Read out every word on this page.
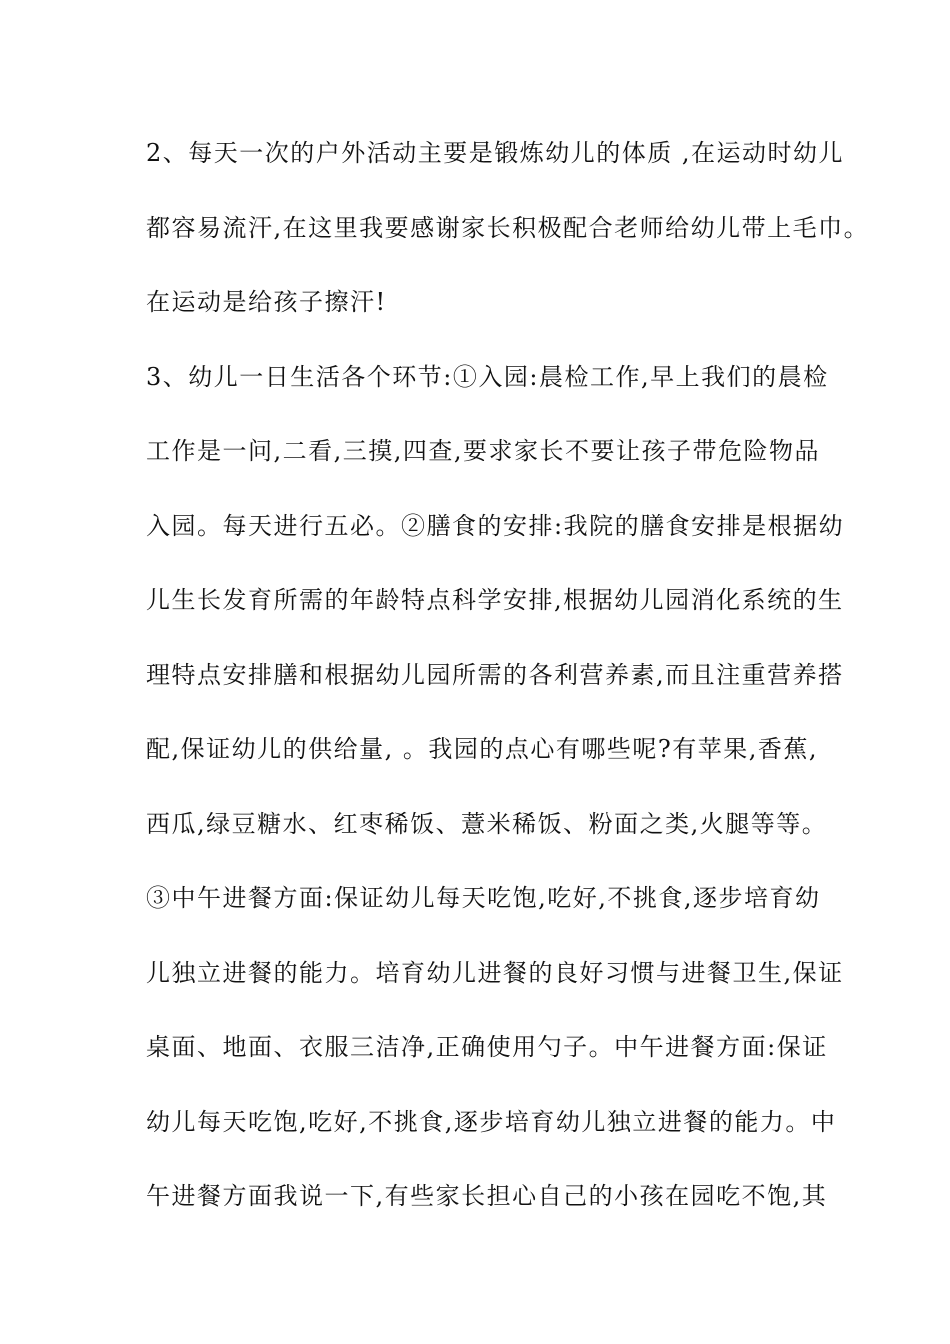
2、每天一次的户外活动主要是锻炼幼儿的体质 ,在运动时幼儿
都容易流汗,在这里我要感谢家长积极配合老师给幼儿带上毛巾。
在运动是给孩子擦汗!
3、幼儿一日生活各个环节:①入园:晨检工作,早上我们的晨检
工作是一问,二看,三摸,四查,要求家长不要让孩子带危险物品
入园。每天进行五必。②膳食的安排:我院的膳食安排是根据幼
儿生长发育所需的年龄特点科学安排,根据幼儿园消化系统的生
理特点安排膳和根据幼儿园所需的各利营养素,而且注重营养搭
配,保证幼儿的供给量, 。我园的点心有哪些呢?有苹果,香蕉,
西瓜,绿豆糖水、红枣稀饭、薏米稀饭、粉面之类,火腿等等。
③中午进餐方面:保证幼儿每天吃饱,吃好,不挑食,逐步培育幼
儿独立进餐的能力。培育幼儿进餐的良好习惯与进餐卫生,保证
桌面、地面、衣服三洁净,正确使用勺子。中午进餐方面:保证
幼儿每天吃饱,吃好,不挑食,逐步培育幼儿独立进餐的能力。中
午进餐方面我说一下,有些家长担心自己的小孩在园吃不饱,其
